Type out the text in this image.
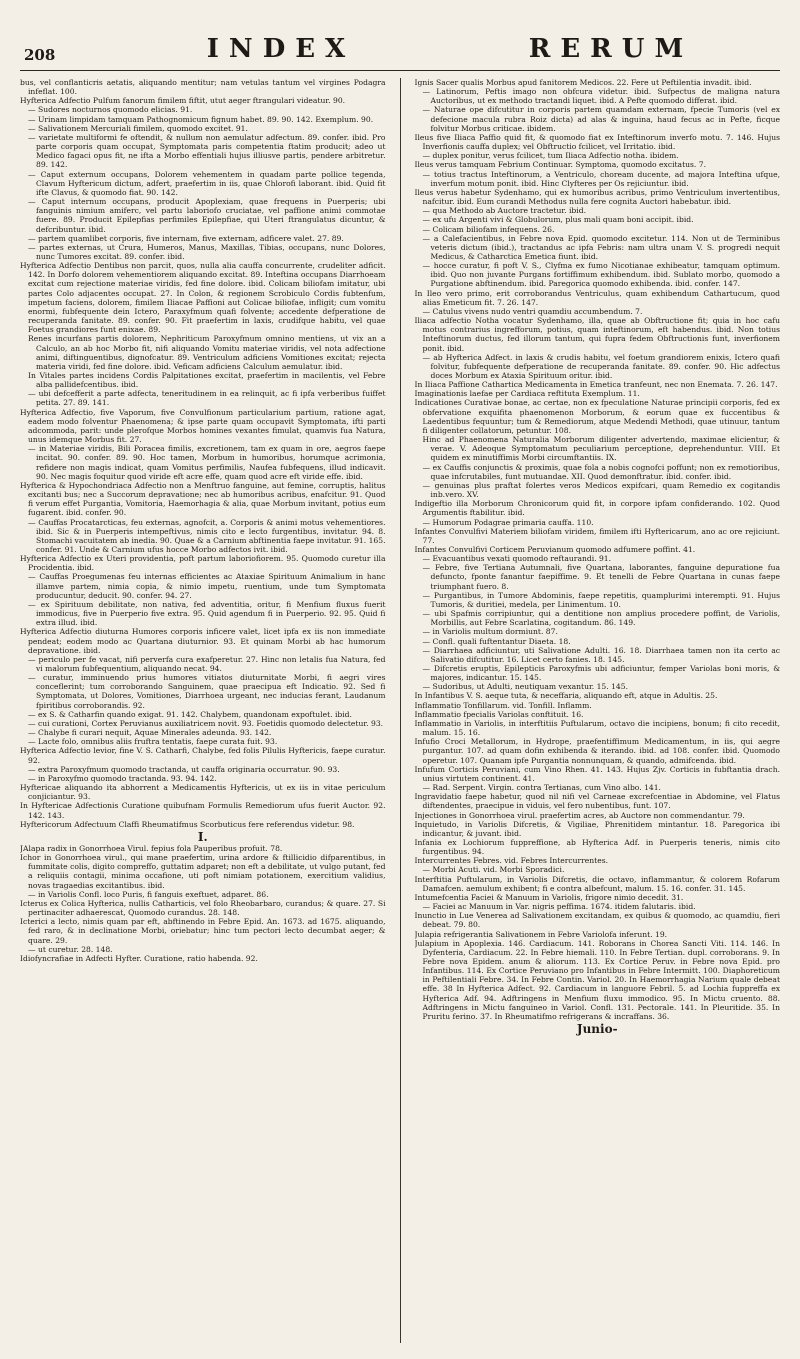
208	INDEX	RERUM

bus, vel conflanticris aetatis, aliquando mentitur; nam vetulas tantum vel virgines Podagra infeflat. 100.

Hyfterica Adfectio Pulfum fanorum fimilem fiftit, utut aeger ftrangulari videatur. 90.

— Sudores nocturnos quomodo elicias. 91.

— Urinam limpidam tamquam Pathognomicum fignum habet. 89. 90. 142. Exemplum. 90.

— Salivationem Mercuriali fimilem, quomodo excitet. 91.

— varietate multiformi fe oftendit, & nullum non aemulatur adfectum. 89. confer. ibid. Pro parte corporis quam occupat, Symptomata paris competentia ftatim producit; adeo ut Medico fagaci opus fit, ne ifta a Morbo effentiali hujus illiusve partis, pendere arbitretur. 89. 142.

— Caput externum occupans, Dolorem vehementem in quadam parte pollice tegenda, Clavum Hyftericum dictum, adfert, praefertim in iis, quae Chlorofi laborant. ibid. Quid fit ifte Clavus, & quomodo fiat. 90. 142.

— Caput internum occupans, producit Apoplexiam, quae frequens in Puerperis; ubi fanguinis nimium amiferc, vel partu laboriofo cruciatae, vel paffione animi commotae fuere. 89. Producit Epilepfias perfimiles Epilepfiae, qui Uteri ftrangulatus dicuntur, & defcribuntur. ibid.

— partem quamlibet corporis, five internam, five externam, adficere valet. 27. 89.

— partes externas, ut Crura, Humeros, Manus, Maxillas, Tibias, occupans, nunc Dolores, nunc Tumores excitat. 89. confer. ibid.

Hyfterica Adfectio Dentibus non parcit, quos, nulla alia cauffa concurrente, crudeliter adficit. 142. In Dorfo dolorem vehementiorem aliquando excitat. 89. Inteftina occupans Diarrhoeam excitat cum rejectione materiae viridis, fed fine dolore. ibid. Colicam biliofam imitatur, ubi partes Colo adjacentes occupat. 27. In Colon, & regionem Scrobiculo Cordis fubtenfum, impetum faciens, dolorem, fimilem Iliacae Paffioni aut Colicae biliofae, infligit; cum vomitu enormi, fubfequente dein Ictero, Paraxyfmum quafi folvente; accedente defperatione de recuperanda fanitate. 89. confer. 90. Fit praefertim in laxis, crudifque habitu, vel quae Foetus grandiores funt enixae. 89.

Renes incurfans partis dolorem, Nephriticum Paroxyfmum omnino mentiens, ut vix an a Calculo, an ab hoc Morbo fit, nifi aliquando Vomitu materiae viridis, vel nota adfectione animi, diftinguentibus, dignofcatur. 89. Ventriculum adficiens Vomitiones excitat; rejecta materia viridi, fed fine dolore. ibid. Veficam adficiens Calculum aemulatur. ibid.

In Vitales partes incidens Cordis Palpitationes excitat, praefertim in macilentis, vel Febre alba pallidefcentibus. ibid.

— ubi defcefferit a parte adfecta, teneritudinem in ea relinquit, ac fi ipfa verberibus fuiffet petita. 27. 89. 141.

Hyfterica Adfectio, five Vaporum, five Convulfionum particularium partium, ratione agat, eadem modo folventur Phaenomena; & ipse parte quam occupavit Symptomata, ifti parti adcommoda, parit: unde plerofque Morbos homines vexantes fimulat, quamvis fua Natura, unus idemque Morbus fit. 27.

— in Materiae viridis, Bili Poracea fimilis, excretionem, tam ex quam in ore, aegros faepe incitat. 90. confer. 89. 90. Hoc tamen, Morbum in humoribus, horumque acrimonia, refidere non magis indicat, quam Vomitus perfimilis, Naufea fubfequens, illud indicavit. 90. Nec magis foquitur quod viride eft acre effe, quam quod acre eft viride effe. ibid.

Hyfterica & Hypochondriaca Adfectio non a Menftruo fanguine, aut femine, corruptis, halitus excitanti bus; nec a Succorum depravatione; nec ab humoribus acribus, enafcitur. 91. Quod fi verum effet Purgantia, Vomitoria, Haemorhagia & alia, quae Morbum invitant, potius eum fugarent. ibid. confer. 90.

— Cauffas Procatarcticas, feu externas, agnofcit, a. Corporis & animi motus vehementiores. ibid. Sic & in Puerperis intempeftivus, nimis cito e lecto furgentibus, invitatur. 94. 8. Stomachi vacuitatem ab inedia. 90. Quae & a Carnium abftinentia faepe invitatur. 91. 165. confer. 91. Unde & Carnium ufus hocce Morbo adfectos ivit. ibid.

Hyfterica Adfectio ex Uteri providentia, poft partum laboriofiorem. 95. Quomodo curetur illa Procidentia. ibid.

— Cauffas Proegumenas feu internas efficientes ac Ataxiae Spirituum Animalium in hanc illamve partem, nimia copia, & nimio impetu, ruentium, unde tum Symptomata producuntur, deducit. 90. confer. 94. 27.

— ex Spirituum debilitate, non nativa, fed adventitia, oritur, fi Menfium fluxus fuerit immodicus, five in Puerperio five extra. 95. Quid agendum fi in Puerperio. 92. 95. Quid fi extra illud. ibid.

Hyfterica Adfectio diuturna Humores corporis inficere valet, licet ipfa ex iis non immediate pendeat; eodem modo ac Quartana diuturnior. 93. Et quinam Morbi ab hac humorum depravatione. ibid.

— periculo per fe vacat, nifi perverfa cura exafperetur. 27. Hinc non letalis fua Natura, fed vi malorum fubfequentium, aliquando necat. 94.

— curatur, imminuendo prius humores vitiatos diuturnitate Morbi, fi aegri vires conceflerint; tum corroborando Sanguinem, quae praecipua eft Indicatio. 92. Sed fi Symptomata, ut Dolores, Vomitiones, Diarrhoea urgeant, nec inducias ferant, Laudanum fpiritibus corroborandis. 92.

— ex S. & Catharfin quando exigat. 91. 142. Chalybem, quandonam expoftulet. ibid.

— cui curationi, Cortex Peruvianus auxiliatricem novit. 93. Foetidis quomodo delectetur. 93.

— Chalybe fi curari nequit, Aquae Minerales adeunda. 93. 142.

— Lacte folo, omnibus aliis fruftra tentatis, faepe curata fuit. 93.

Hyfterica Adfectio levior, fine V. S. Catharfi, Chalybe, fed folis Pilulis Hyftericis, faepe curatur. 92.

— extra Paroxyfmum quomodo tractanda, ut cauffa originaria occurratur. 90. 93.

— in Paroxyfmo quomodo tractanda. 93. 94. 142.

Hyftericae aliquando ita abhorrent a Medicamentis Hyftericis, ut ex iis in vitae periculum conjiciantur. 93.

In Hyftericae Adfectionis Curatione quibufnam Formulis Remediorum ufus fuerit Auctor. 92. 142. 143.

Hyftericorum Adfectuum Claffi Rheumatifmus Scorbuticus fere referendus videtur. 98.

I.

JAlapa radix in Gonorrhoea Virul. fepius fola Pauperibus profuit. 78.

Ichor in Gonorrhoea virul., qui mane praefertim, urina ardore & ftillicidio difparentibus, in fummitate colis, digito compreffo, guttatim adparet; non eft a debilitate, ut vulgo putant, fed a reliquiis contagii, minima occafione, uti poft nimiam potationem, exercitium validius, novas tragaedias excitantibus. ibid.

— in Variolis Confl. loco Puris, fi fanguis exeftuet, adparet. 86.

Icterus ex Colica Hyfterica, nullis Catharticis, vel folo Rheobarbaro, curandus; & quare. 27. Si pertinaciter adhaerescat, Quomodo curandus. 28. 148.

Icterici a lecto, nimis quam par eft, abftinendo in Febre Epid. An. 1673. ad 1675. aliquando, fed raro, & in declinatione Morbi, oriebatur; hinc tum pectori lecto decumbat aeger; & quare. 29.

— ut curetur. 28. 148.

Idiofyncrafiae in Adfecti Hyfter. Curatione, ratio habenda. 92.

Ignis Sacer qualis Morbus apud fanitorem Medicos. 22. Fere ut Peftilentia invadit. ibid.

— Latinorum, Peftis imago non obfcura videtur. ibid. Sufpectus de maligna natura Auctoribus, ut ex methodo tractandi liquet. ibid. A Pefte quomodo differat. ibid.

— Naturae ope difcutitur in corporis partem quamdam externam, fpecie Tumoris (vel ex defecione macula rubra Roiz dicta) ad alas & inguina, haud fecus ac in Pefte, ficque folvitur Morbus criticae. ibidem.

Ileus five Iliaca Paffio quid fit, & quomodo fiat ex Inteftinorum inverfo motu. 7. 146. Hujus Inverfionis cauffa duplex; vel Obftructio fcilicet, vel Irritatio. ibid.

— duplex ponitur, verus fcilicet, tum Iliaca Adfectio notha. ibidem.

Ileus verus tamquam Febrium Continuar. Symptoma, quomodo excitatus. 7.

— totius tractus Inteftinorum, a Ventriculo, choream ducente, ad majora Inteftina ufque, inverfum motum ponit. ibid. Hinc Clyfteres per Os rejiciuntur. ibid.

Ileus verus habetur Sydenhamo, qui ex humoribus acribus, primo Ventriculum invertentibus, nafcitur. ibid. Eum curandi Methodus nulla fere cognita Auctori habebatur. ibid.

— qua Methodo ab Auctore tractetur. ibid.

— ex ufu Argenti vivi & Globulorum, plus mali quam boni accipit. ibid.

— Colicam biliofam infequens. 26.

— a Calefacientibus, in Febre nova Epid. quomodo excitetur. 114. Non ut de Terminibus veteris dictum (ibid.), tractandus ac ipfa Febris: nam ultra unam V. S. progredi nequit Medicus, & Catharctica Emetica fiunt. ibid.

— hocce curatur, fi poft V. S., Clyfma ex fumo Nicotianae exhibeatur, tamquam optimum. ibid. Quo non juvante Purgans fortiffimum exhibendum. ibid. Sublato morbo, quomodo a Purgatione abftinendum. ibid. Paregorica quomodo exhibenda. ibid. confer. 147.

In Ileo vero primo, erit corroborandus Ventriculus, quam exhibendum Cathartucum, quod alias Emeticum fit. 7. 26. 147.

— Catulus vivens nudo ventri quamdiu accumbendum. 7.

Iliaca adfectio Notha vocatur Sydenhamo, illa, quae ab Obftructione fit; quia in hoc cafu motus contrarius ingrefforum, potius, quam inteftinorum, eft habendus. ibid. Non totius Inteftinorum ductus, fed illorum tantum, qui fupra fedem Obftructionis funt, inverfionem ponit. ibid.

— ab Hyfterica Adfect. in laxis & crudis habitu, vel foetum grandiorem enixis, Ictero quafi folvitur, fubfequente defperatione de recuperanda fanitate. 89. confer. 90. Hic adfectus doces Morbum ex Ataxia Spirituum oritur. ibid.

In Iliaca Paffione Cathartica Medicamenta in Emetica tranfeunt, nec non Enemata. 7. 26. 147.

Imaginationis laefae per Cardiaca reftituta Exemplum. 11.

Indicationes Curativae bonae, ac certae, non ex fpeculatione Naturae principii corporis, fed ex obfervatione exquifita phaenomenon Morborum, & eorum quae ex fuccentibus & Laedentibus fequuntur; tum & Remediorum, atque Medendi Methodi, quae utinuur, tantum fi diligenter collatorum, petuntur. 108.

Hinc ad Phaenomena Naturalia Morborum diligenter advertendo, maximae elicientur, & verae. V. Adeoque Symptomatum peculiarium perceptione, deprehenduntur. VIII. Et quidem ex minutiffimis Morbi circumftantiis. IX.

— ex Cauffis conjunctis & proximis, quae fola a nobis cognofci poffunt; non ex remotioribus, quae infcrutabiles, funt mutuandae. XII. Quod demonftratur. ibid. confer. ibid.

— genuinas plus praftat folertes veros Medicos expifcari, quam Remedio ex cogitandis inb.vero. XV.

Indigeftio illa Morborum Chronicorum quid fit, in corpore ipfam confiderando. 102. Quod Argumentis ftabilitur. ibid.

— Humorum Podagrae primaria cauffa. 110.

Infantes Convulfivi Materiem biliofam viridem, fimilem ifti Hyftericarum, ano ac ore rejiciunt. 77.

Infantes Convulfivi Corticem Peruvianum quomodo adfumere poffint. 41.

— Evacuantibus vexati quomodo reftaurandi. 91.

— Febre, five Tertiana Autumnali, five Quartana, laborantes, fanguine depuratione fua defuncto, fponte fanantur faepiffime. 9. Et tenelli de Febre Quartana in cunas faepe triumphant fuero. 8.

— Purgantibus, in Tumore Abdominis, faepe repetitis, quamplurimi interempti. 91. Hujus Tumoris, & duritiei, medela, per Linimentum. 10.

— ubi Spafmis corripiuntur, qui a dentitione non amplius procedere poffint, de Variolis, Morbillis, aut Febre Scarlatina, cogitandum. 86. 149.

— in Variolis multum dormiunt. 87.

— Confl. quali fuftentantur Diaeta. 18.

— Diarrhaea adficiuntur, uti Salivatione Adulti. 16. 18. Diarrhaea tamen non ita certo ac Salivatio difcutitur. 16. Licet certo fanies. 18. 145.

— Difcretis eruptis, Epilepticis Paroxyfmis ubi adficiuntur, femper Variolas boni moris, & majores, indicantur. 15. 145.

— Sudoribus, ut Adulti, neutiquam vexantur. 15. 145.

In Infantibus V. S. aeque tuta, & neceffaria, aliquando eft, atque in Adultis. 25.

Inflammatio Tonfillarum. vid. Tonfill. Inflamm.

Inflammatio fpecialis Variolas conftituit. 16.

Inflammatio in Variolis, in interftitiis Puftularum, octavo die incipiens, bonum; fi cito recedit, malum. 15. 16.

Infufio Croci Metallorum, in Hydrope, praefentiffimum Medicamentum, in iis, qui aegre purgantur. 107. ad quam dofin exhibenda & iterando. ibid. ad 108. confer. ibid. Quomodo operetur. 107. Quanam ipfe Purgantia nonnunquam, & quando, admifcenda. ibid.

Infufum Corticis Peruviani, cum Vino Rhen. 41. 143. Hujus Zjv. Corticis in fubftantia drach. unius virtutem continent. 41.

— Rad. Serpent. Virgin. contra Tertianas, cum Vino albo. 141.

Ingravidatio faepe habetur, quod nil nifi vel Carneae excrefcentiae in Abdomine, vel Flatus diftendentes, praecipue in viduis, vel fero nubentibus, funt. 107.

Injectiones in Gonorrhoea virul. praefertim acres, ab Auctore non commendantur. 79.

Inquietudo, in Variolis Difcretis, & Vigiliae, Phrenitidem mintantur. 18. Paregorica ibi indicantur, & juvant. ibid.

Infania ex Lochiorum fuppreffione, ab Hyfterica Adf. in Puerperis teneris, nimis cito furgentibus. 94.

Intercurrentes Febres. vid. Febres Intercurrentes.

— Morbi Acuti. vid. Morbi Sporadici.

Interftitia Puftularum, in Variolis Difcretis, die octavo, inflammantur, & colorem Rofarum Damafcen. aemulum exhibent; fi e contra albefcunt, malum. 15. 16. confer. 31. 145.

Intumefcentia Faciei & Manuum in Variolis, frigore nimio decedit. 31.

— Faciei ac Manuum in Var. nigris peffima. 1674. itidem falutaris. ibid.

Inunctio in Lue Venerea ad Salivationem excitandam, ex quibus & quomodo, ac quamdiu, fieri debeat. 79. 80.

Julapia refrigerantia Salivationem in Febre Variolofa inferunt. 19.

Julapium in Apoplexia. 146. Cardiacum. 141. Roborans in Chorea Sancti Viti. 114. 146. In Dyfenteria, Cardiacum. 22. In Febre hiemali. 110. In Febre Tertian. dupl. corroborans. 9. In Febre nova Epidem. anum & aliorum. 113. Ex Cortice Peruv. in Febre nova Epid. pro Infantibus. 114. Ex Cortice Peruviano pro Infantibus in Febre Intermitt. 100. Diaphoreticum in Peftilentiali Febre. 34. In Febre Contin. Variol. 20. In Haemorrhagia Narium quale debeat effe. 38 In Hyfterica Adfect. 92. Cardiacum in languore Febril. 5. ad Lochia fuppreffa ex Hyfterica Adf. 94. Adftringens in Menfium fluxu immodico. 95. In Mictu cruento. 88. Adftringens in Mictu fanguineo in Variol. Confl. 131. Pectorale. 141. In Pleuritide. 35. In Pruritu ferino. 37. In Rheumatifmo refrigerans & incraffans. 36.

Junio-
